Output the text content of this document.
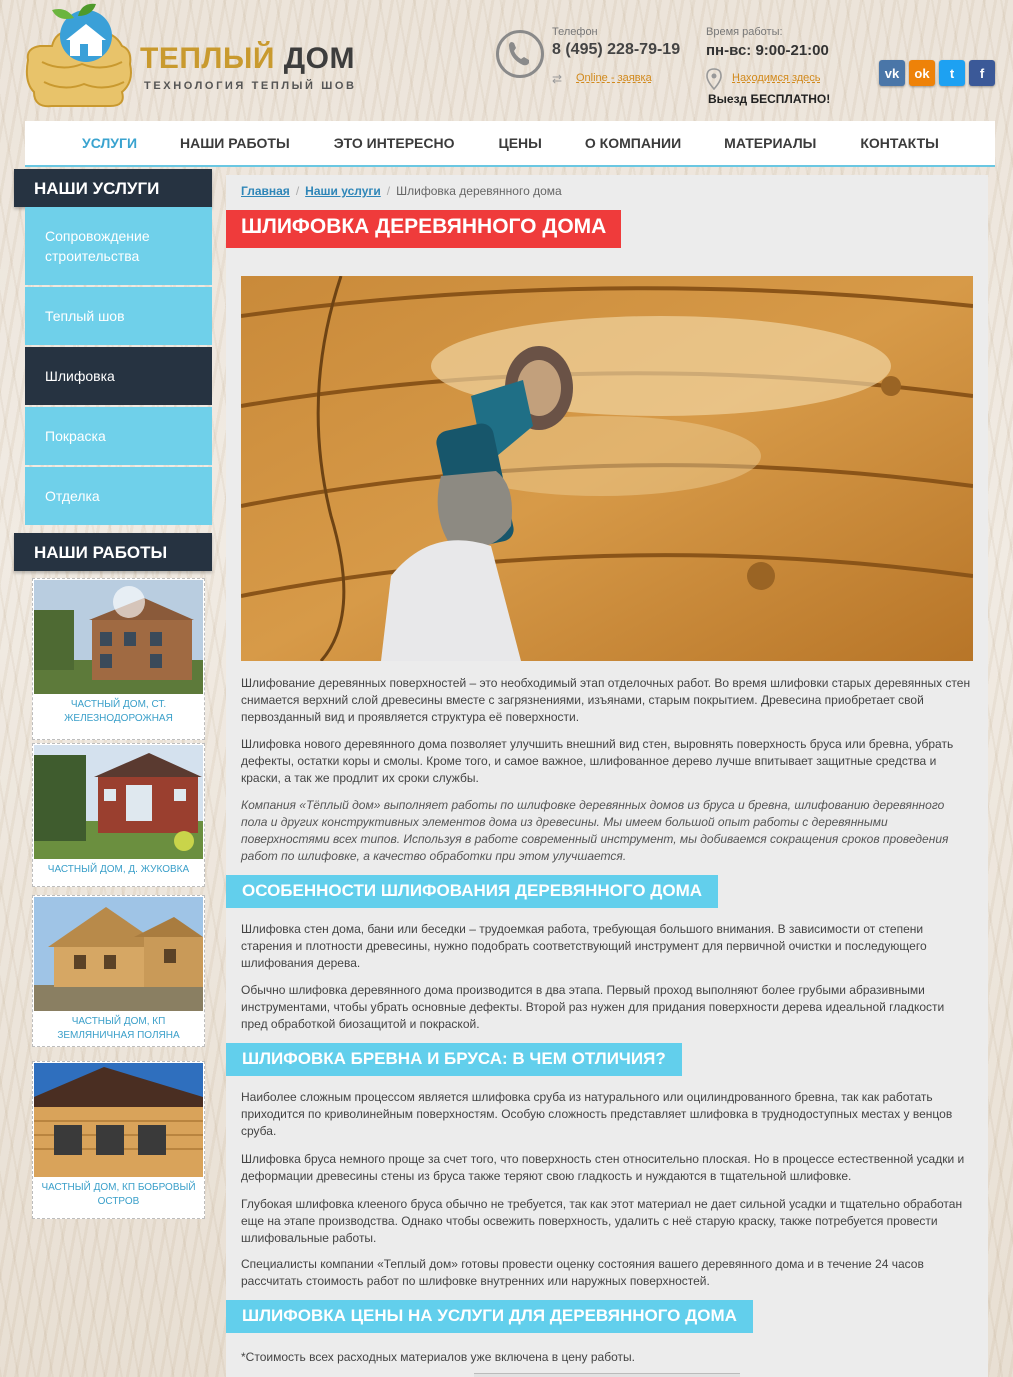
ТЕПЛЫЙ ДОМ
ТЕХНОЛОГИЯ ТЕПЛЫЙ ШОВ
Телефон
8 (495) 228-79-19
⇄ Online - заявка
Время работы:
пн-вс: 9:00-21:00
Находимся здесь
Выезд БЕСПЛАТНО!
vk	ok	t	f
УСЛУГИ	НАШИ РАБОТЫ	ЭТО ИНТЕРЕСНО	ЦЕНЫ	О КОМПАНИИ	МАТЕРИАЛЫ	КОНТАКТЫ
НАШИ УСЛУГИ
Сопровождение строительства
Теплый шов
Шлифовка
Покраска
Отделка
НАШИ РАБОТЫ
ЧАСТНЫЙ ДОМ, СТ. ЖЕЛЕЗНОДОРОЖНАЯ
ЧАСТНЫЙ ДОМ, Д. ЖУКОВКА
ЧАСТНЫЙ ДОМ, КП ЗЕМЛЯНИЧНАЯ ПОЛЯНА
ЧАСТНЫЙ ДОМ, КП БОБРОВЫЙ ОСТРОВ
Главная / Наши услуги / Шлифовка деревянного дома
ШЛИФОВКА ДЕРЕВЯННОГО ДОМА
Шлифование деревянных поверхностей – это необходимый этап отделочных работ. Во время шлифовки старых деревянных стен снимается верхний слой древесины вместе с загрязнениями, изъянами, старым покрытием. Древесина приобретает свой первозданный вид и проявляется структура её поверхности.
Шлифовка нового деревянного дома позволяет улучшить внешний вид стен, выровнять поверхность бруса или бревна, убрать дефекты, остатки коры и смолы. Кроме того, и самое важное, шлифованное дерево лучше впитывает защитные средства и краски, а так же продлит их сроки службы.
Компания «Тёплый дом» выполняет работы по шлифовке деревянных домов из бруса и бревна, шлифованию деревянного пола и других конструктивных элементов дома из древесины. Мы имеем большой опыт работы с деревянными поверхностями всех типов. Используя в работе современный инструмент, мы добиваемся сокращения сроков проведения работ по шлифовке, а качество обработки при этом улучшается.
ОСОБЕННОСТИ ШЛИФОВАНИЯ ДЕРЕВЯННОГО ДОМА
Шлифовка стен дома, бани или беседки – трудоемкая работа, требующая большого внимания. В зависимости от степени старения и плотности древесины, нужно подобрать соответствующий инструмент для первичной очистки и последующего шлифования дерева.
Обычно шлифовка деревянного дома производится в два этапа. Первый проход выполняют более грубыми абразивными инструментами, чтобы убрать основные дефекты. Второй раз нужен для придания поверхности дерева идеальной гладкости пред обработкой биозащитой и покраской.
ШЛИФОВКА БРЕВНА И БРУСА: В ЧЕМ ОТЛИЧИЯ?
Наиболее сложным процессом является шлифовка сруба из натурального или оцилиндрованного бревна, так как работать приходится по криволинейным поверхностям. Особую сложность представляет шлифовка в труднодоступных местах у венцов сруба.
Шлифовка бруса немного проще за счет того, что поверхность стен относительно плоская. Но в процессе естественной усадки и деформации древесины стены из бруса также теряют свою гладкость и нуждаются в тщательной шлифовке.
Глубокая шлифовка клееного бруса обычно не требуется, так как этот материал не дает сильной усадки и тщательно обработан еще на этапе производства. Однако чтобы освежить поверхность, удалить с неё старую краску, также потребуется провести шлифовальные работы.
Специалисты компании «Теплый дом» готовы провести оценку состояния вашего деревянного дома и в течение 24 часов рассчитать стоимость работ по шлифовке внутренних или наружных поверхностей.
ШЛИФОВКА ЦЕНЫ НА УСЛУГИ ДЛЯ ДЕРЕВЯННОГО ДОМА
*Стоимость всех расходных материалов уже включена в цену работы.
